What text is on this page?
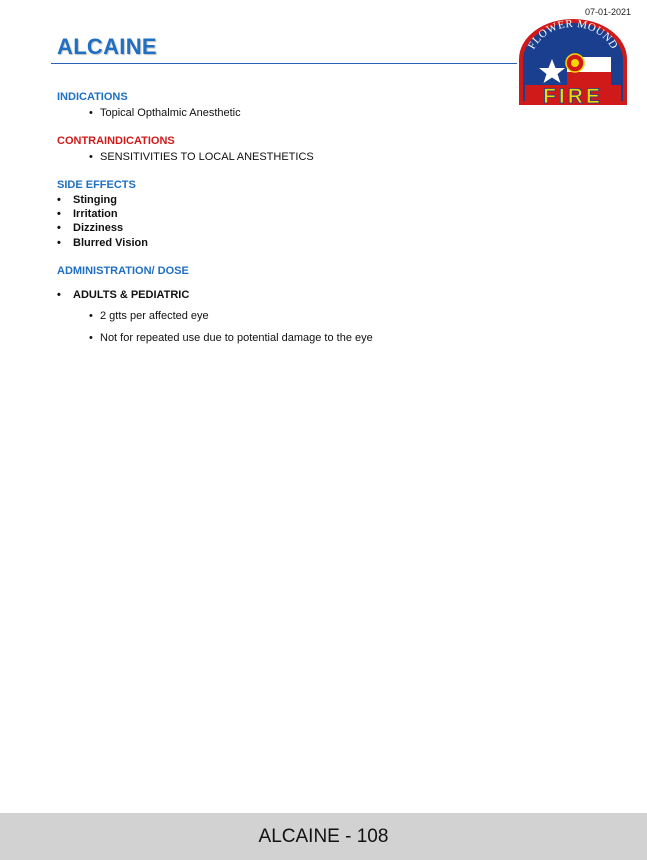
07-01-2021
ALCAINE	FLOWER MOUND
FIRE
INDICATIONS
• Topical Opthalmic Anesthetic
CONTRAINDICATIONS
• SENSITIVITIES TO LOCAL ANESTHETICS
SIDE EFFECTS
• Stinging
• Irritation
• Dizziness
• Blurred Vision
ADMINISTRATION/ DOSE
• ADULTS & PEDIATRIC
• 2 gtts per affected eye
• Not for repeated use due to potential damage to the eye
ALCAINE - 108
